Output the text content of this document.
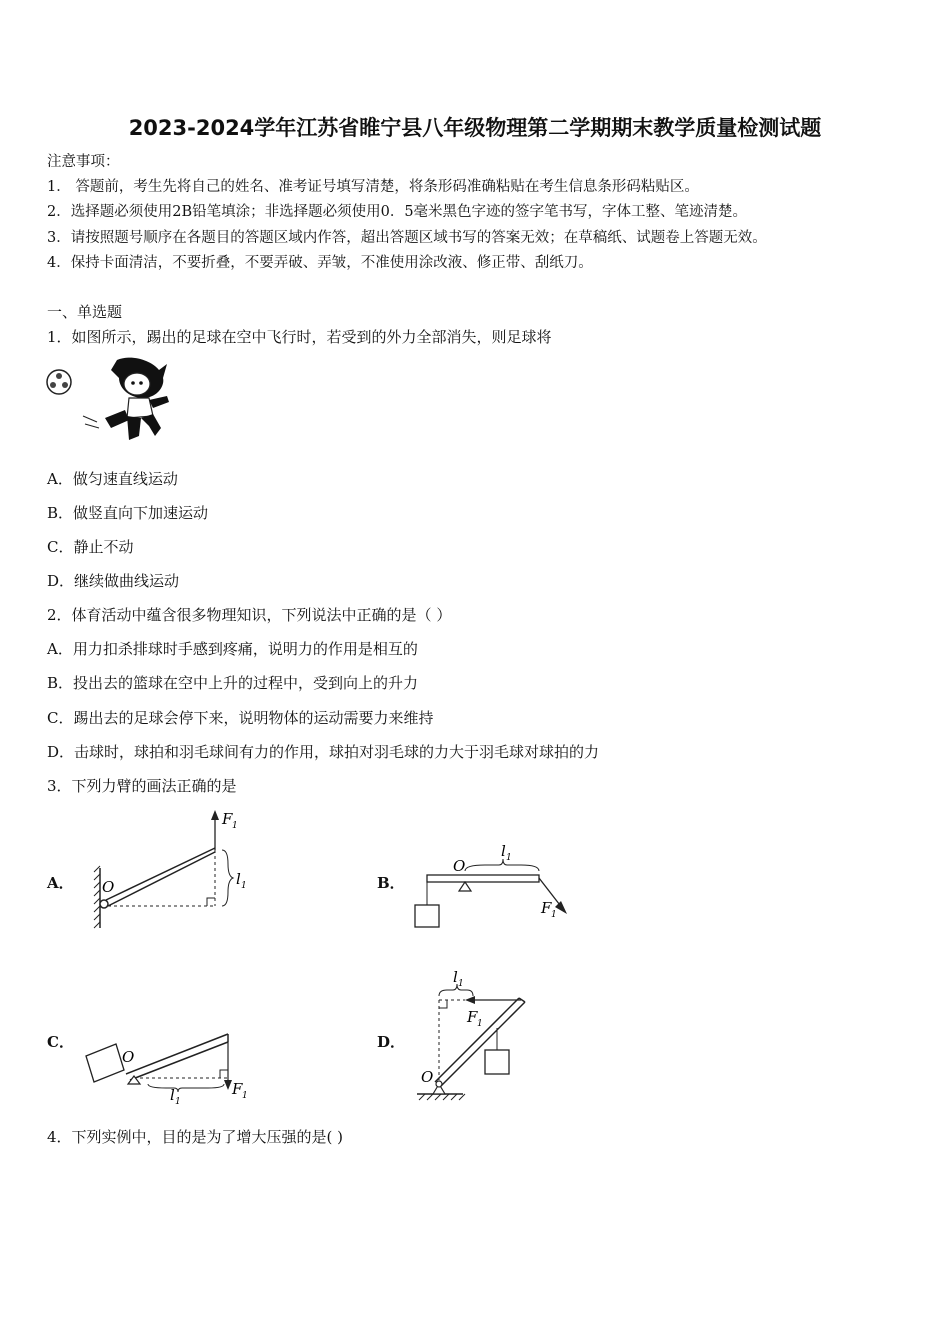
2023-2024学年江苏省睢宁县八年级物理第二学期期末教学质量检测试题
注意事项：
1． 答题前，考生先将自己的姓名、准考证号填写清楚，将条形码准确粘贴在考生信息条形码粘贴区。
2．选择题必须使用2B铅笔填涂；非选择题必须使用0．5毫米黑色字迹的签字笔书写，字体工整、笔迹清楚。
3．请按照题号顺序在各题目的答题区域内作答，超出答题区域书写的答案无效；在草稿纸、试题卷上答题无效。
4．保持卡面清洁，不要折叠，不要弄破、弄皱，不准使用涂改液、修正带、刮纸刀。
一、单选题
1．如图所示，踢出的足球在空中飞行时，若受到的外力全部消失，则足球将
A．做匀速直线运动
B．做竖直向下加速运动
C．静止不动
D．继续做曲线运动
2．体育活动中蕴含很多物理知识，下列说法中正确的是（ ）
A．用力扣杀排球时手感到疼痛，说明力的作用是相互的
B．投出去的篮球在空中上升的过程中，受到向上的升力
C．踢出去的足球会停下来，说明物体的运动需要力来维持
D．击球时，球拍和羽毛球间有力的作用，球拍对羽毛球的力大于羽毛球对球拍的力
3．下列力臂的画法正确的是
A．	B．
C．	D．
O
F 1
l 1
O
l 1
F 1
O
l 1
F 1
l 1
F 1
O
4．下列实例中，目的是为了增大压强的是( )
